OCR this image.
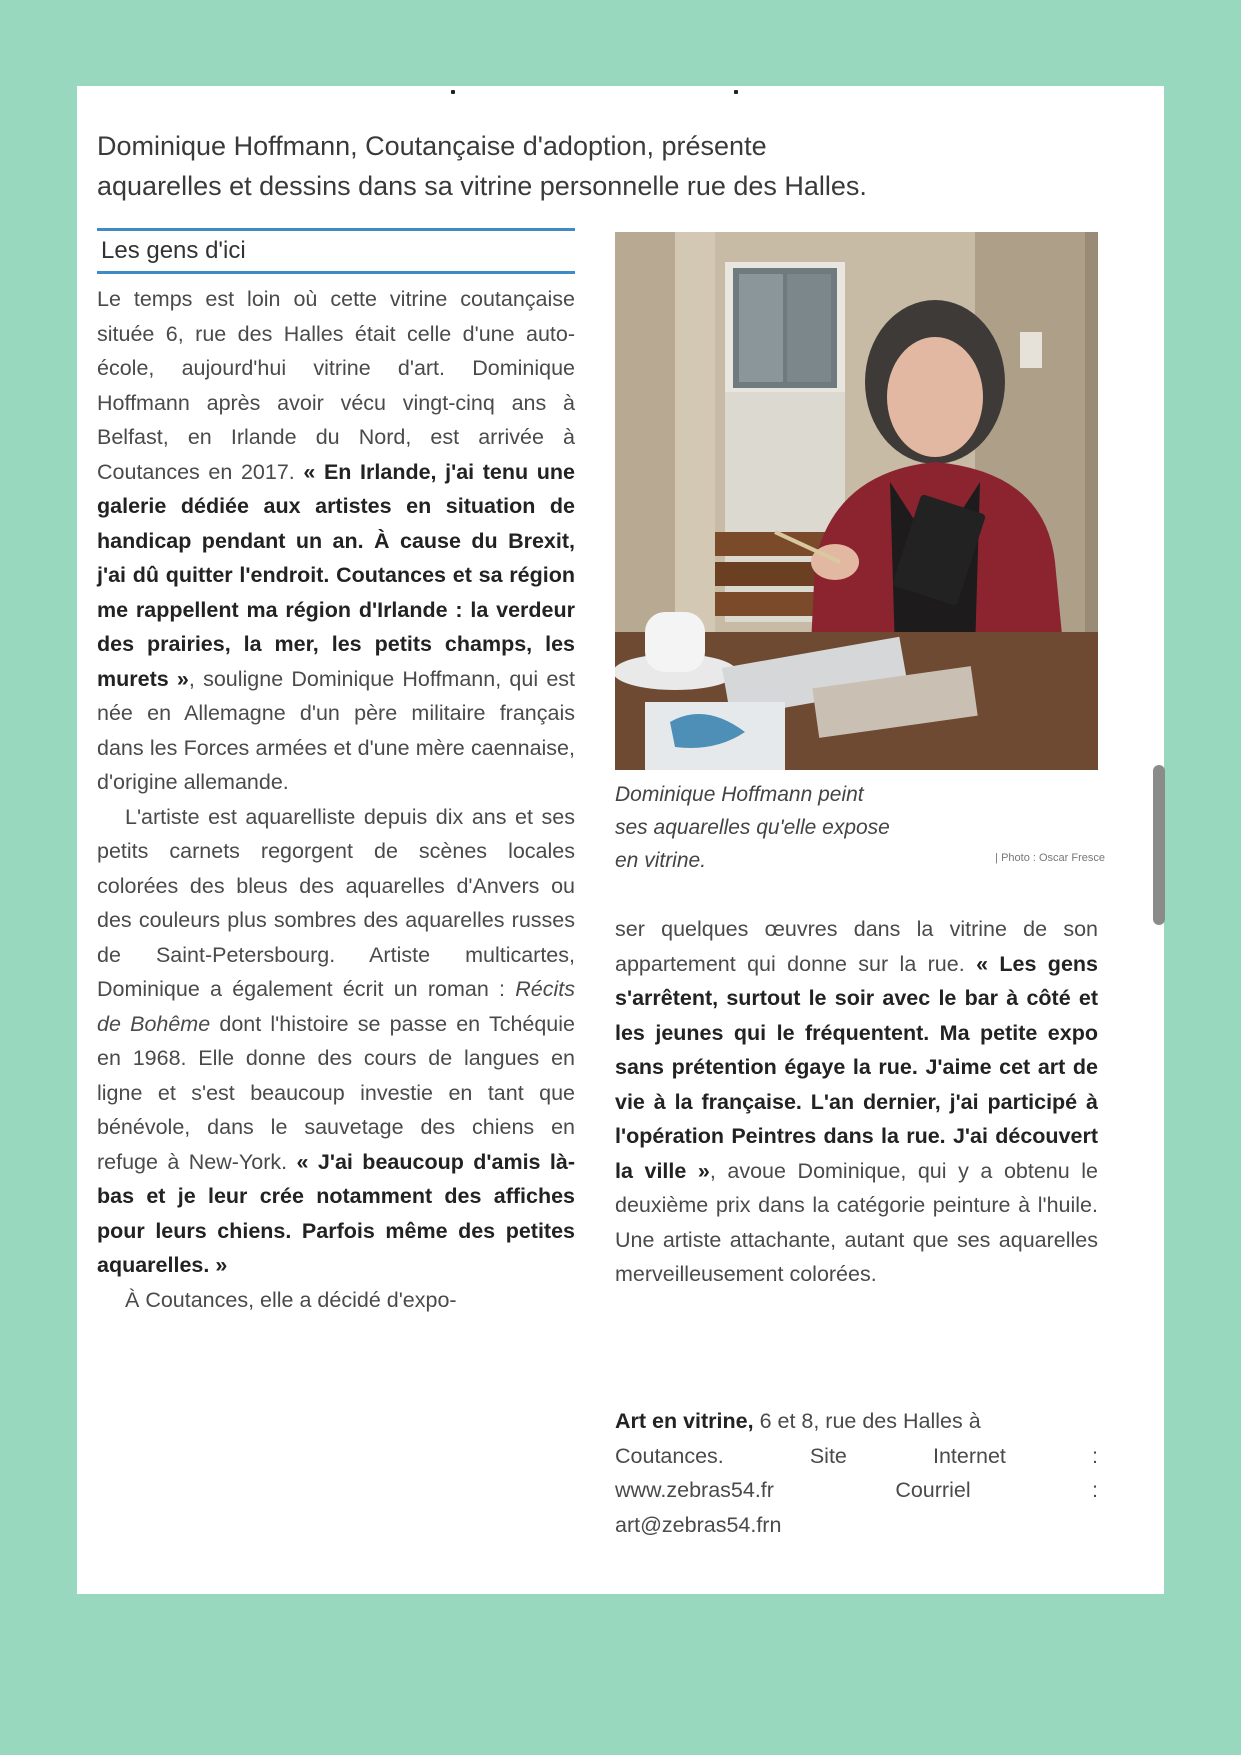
Dominique Hoffmann, Coutançaise d'adoption, présente
aquarelles et dessins dans sa vitrine personnelle rue des Halles.
Les gens d'ici

Le temps est loin où cette vitrine coutançaise située 6, rue des Halles était celle d'une auto-école, aujourd'hui vitrine d'art. Dominique Hoffmann après avoir vécu vingt-cinq ans à Belfast, en Irlande du Nord, est arrivée à Coutances en 2017. « En Irlande, j'ai tenu une galerie dédiée aux artistes en situation de handicap pendant un an. À cause du Brexit, j'ai dû quitter l'endroit. Coutances et sa région me rappellent ma région d'Irlande : la verdeur des prairies, la mer, les petits champs, les murets », souligne Dominique Hoffmann, qui est née en Allemagne d'un père militaire français dans les Forces armées et d'une mère caennaise, d'origine allemande.

L'artiste est aquarelliste depuis dix ans et ses petits carnets regorgent de scènes locales colorées des bleus des aquarelles d'Anvers ou des couleurs plus sombres des aquarelles russes de Saint-Petersbourg. Artiste multicartes, Dominique a également écrit un roman : Récits de Bohême dont l'histoire se passe en Tchéquie en 1968. Elle donne des cours de langues en ligne et s'est beaucoup investie en tant que bénévole, dans le sauvetage des chiens en refuge à New-York. « J'ai beaucoup d'amis là-bas et je leur crée notamment des affiches pour leurs chiens. Parfois même des petites aquarelles. »

À Coutances, elle a décidé d'expo-

Dominique Hoffmann peint
ses aquarelles qu'elle expose
en vitrine.	| Photo : Oscar Fresce

ser quelques œuvres dans la vitrine de son appartement qui donne sur la rue. « Les gens s'arrêtent, surtout le soir avec le bar à côté et les jeunes qui le fréquentent. Ma petite expo sans prétention égaye la rue. J'aime cet art de vie à la française. L'an dernier, j'ai participé à l'opération Peintres dans la rue. J'ai découvert la ville », avoue Dominique, qui y a obtenu le deuxième prix dans la catégorie peinture à l'huile. Une artiste attachante, autant que ses aquarelles merveilleusement colorées.

Art en vitrine, 6 et 8, rue des Halles à
Coutances.	Site	Internet	:
www.zebras54.fr	Courriel	:
art@zebras54.frn
